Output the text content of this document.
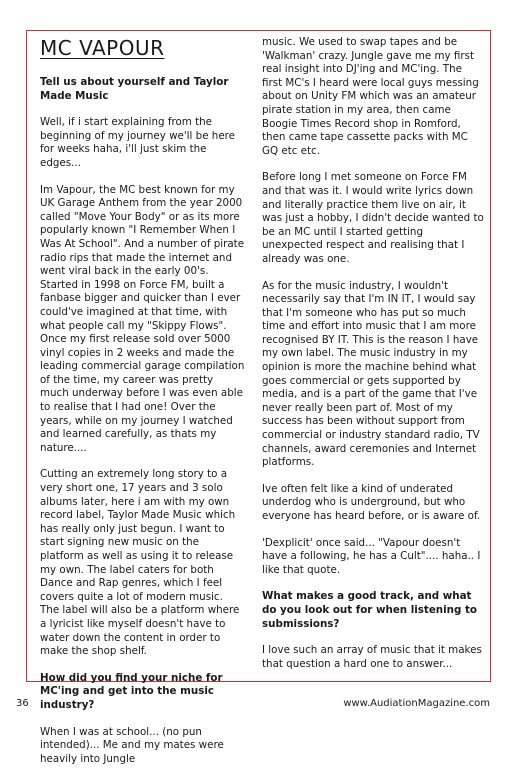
MC VAPOUR

Tell us about yourself and Taylor Made Music

Well, if i start explaining from the beginning of my journey we'll be here for weeks haha, i'll just skim the edges...

Im Vapour, the MC best known for my UK Garage Anthem from the year 2000 called "Move Your Body" or as its more popularly known "I Remember When I Was At School". And a number of pirate radio rips that made the internet and went viral back in the early 00's. Started in 1998 on Force FM, built a fanbase bigger and quicker than I ever could've imagined at that time, with what people call my "Skippy Flows". Once my first release sold over 5000 vinyl copies in 2 weeks and made the leading commercial garage compilation of the time, my career was pretty much underway before I was even able to realise that I had one! Over the years, while on my journey I watched and learned carefully, as thats my nature....

Cutting an extremely long story to a very short one, 17 years and 3 solo albums later, here i am with my own record label, Taylor Made Music which has really only just begun. I want to start signing new music on the platform as well as using it to release my own. The label caters for both Dance and Rap genres, which I feel covers quite a lot of modern music. The label will also be a platform where a lyricist like myself doesn't have to water down the content in order to make the shop shelf.

How did you find your niche for MC'ing and get into the music industry?

When I was at school... (no pun intended)... Me and my mates were heavily into Jungle

music. We used to swap tapes and be 'Walkman' crazy. Jungle gave me my first real insight into DJ'ing and MC'ing. The first MC's I heard were local guys messing about on Unity FM which was an amateur pirate station in my area, then came Boogie Times Record shop in Romford, then came tape cassette packs with MC GQ etc etc.

Before long I met someone on Force FM and that was it. I would write lyrics down and literally practice them live on air, it was just a hobby, I didn't decide wanted to be an MC until I started getting unexpected respect and realising that I already was one.

As for the music industry, I wouldn't necessarily say that I'm IN IT, I would say that I'm someone who has put so much time and effort into music that I am more recognised BY IT. This is the reason I have my own label. The music industry in my opinion is more the machine behind what goes commercial or gets supported by media, and is a part of the game that I've never really been part of. Most of my success has been without support from commercial or industry standard radio, TV channels, award ceremonies and Internet platforms.

Ive often felt like a kind of underated underdog who is underground, but who everyone has heard before, or is aware of.

'Dexplicit' once said... "Vapour doesn't have a following, he has a Cult".... haha.. I like that quote.

What makes a good track, and what do you look out for when listening to submissions?

I love such an array of music that it makes that question a hard one to answer...

36	www.AudiationMagazine.com
